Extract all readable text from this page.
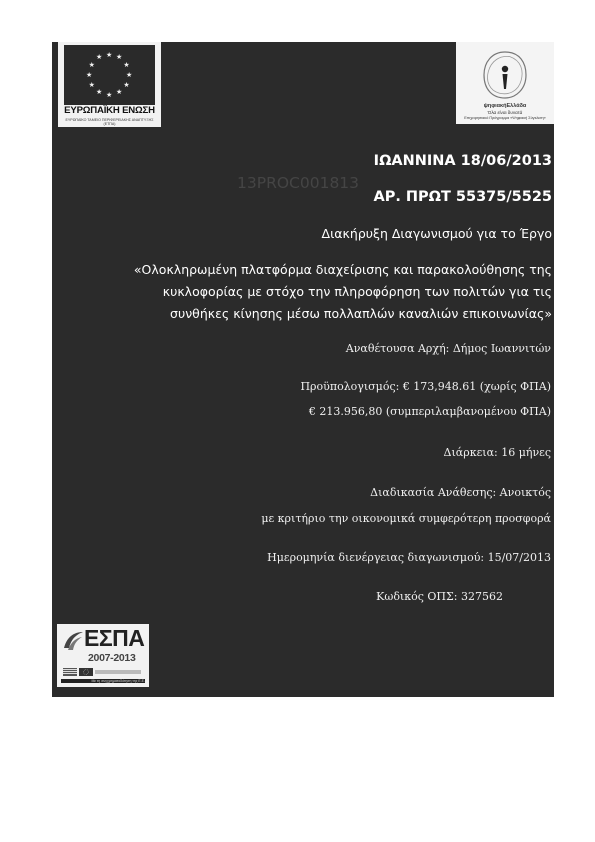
★ ★
★
★
★
★
★
★
★
★
★
★
ΕΥΡΩΠΑΪΚΗ ΕΝΩΣΗ
ΕΥΡΩΠΑΪΚΟ ΤΑΜΕΙΟ ΠΕΡΙΦΕΡΕΙΑΚΗΣ ΑΝΑΠΤΥΞΗΣ (ΕΤΠΑ)
ψηφιακήΕλλάδα
Όλα είναι δυνατά
Επιχειρησιακό Πρόγραμμα «Ψηφιακή Σύγκλιση»
13PROC001813
ΙΩΑΝΝΙΝΑ 18/06/2013
ΑΡ. ΠΡΩΤ 55375/5525
Διακήρυξη Διαγωνισμού για το Έργο
«Ολοκληρωμένη πλατφόρμα διαχείρισης και παρακολούθησης της
κυκλοφορίας με στόχο την πληροφόρηση των πολιτών για τις
συνθήκες κίνησης μέσω πολλαπλών καναλιών επικοινωνίας»
Αναθέτουσα Αρχή: Δήμος Ιωαννιτών
Προϋπολογισμός: € 173,948.61 (χωρίς ΦΠΑ)
€ 213.956,80 (συμπεριλαμβανομένου ΦΠΑ)
Διάρκεια: 16 μήνες
Διαδικασία Ανάθεσης: Ανοικτός
με κριτήριο την οικονομικά συμφερότερη προσφορά
Ημερομηνία διενέργειας διαγωνισμού: 15/07/2013
Κωδικός ΟΠΣ: 327562
ΕΣΠΑ
2007-2013
Με τη συγχρηματοδότηση της Ε.Ε.
